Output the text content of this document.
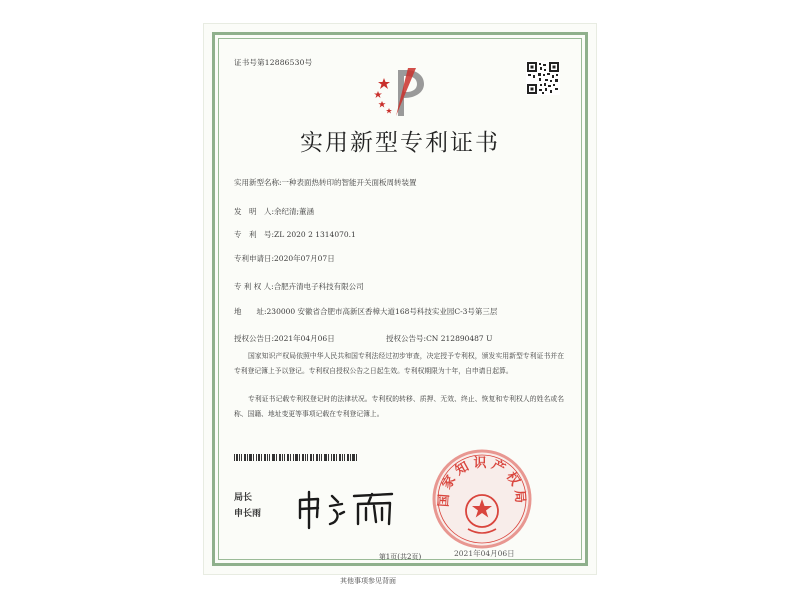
证书号第12886530号
实用新型专利证书
实用新型名称:一种表面热转印的智能开关面板周转装置
发　明　人:余纪清;董涵
专　利　号:ZL 2020 2 1314070.1
专利申请日:2020年07月07日
专 利 权 人:合肥卉清电子科技有限公司
地　　址:230000 安徽省合肥市高新区香樟大道168号科技实业园C-3号第三层
授权公告日:2021年04月06日	授权公告号:CN 212890487 U
国家知识产权局依照中华人民共和国专利法经过初步审查，决定授予专利权，颁发实用新型专利证书并在专利登记簿上予以登记。专利权自授权公告之日起生效。专利权期限为十年，自申请日起算。
专利证书记载专利权登记时的法律状况。专利权的转移、质押、无效、终止、恢复和专利权人的姓名或名称、国籍、地址变更等事项记载在专利登记簿上。
局长
申长雨
国家知识产权局
2021年04月06日
第1页(共2页)
其他事项参见背面
